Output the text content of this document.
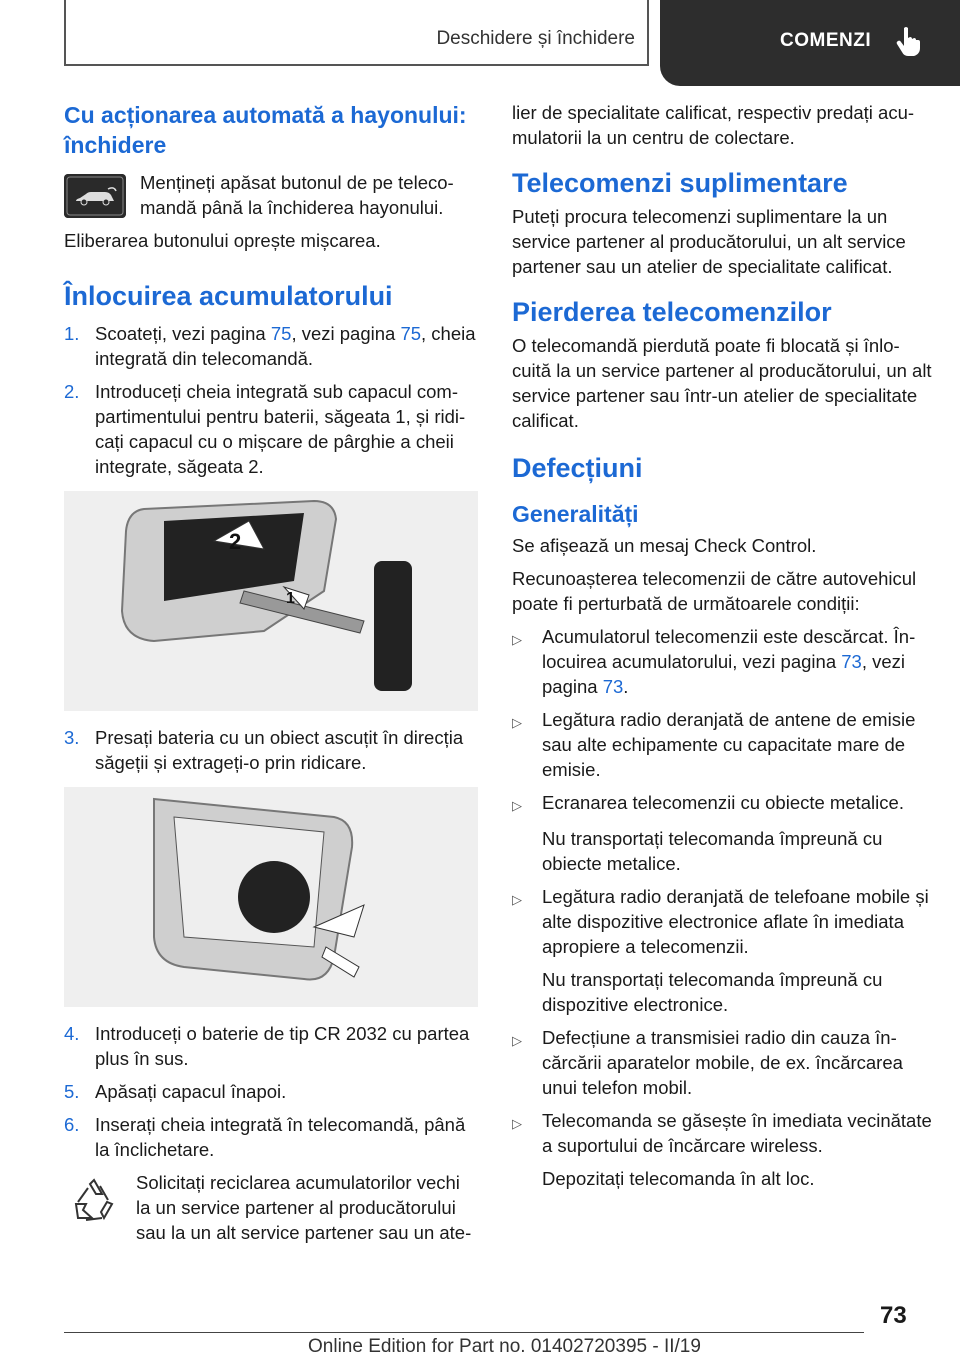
Deschidere și închidere	COMENZI
Cu acționarea automată a hayonului: închidere

Mențineți apăsat butonul de pe telecomandă până la închiderea hayonului.

Eliberarea butonului oprește mișcarea.

Înlocuirea acumulatorului
1. Scoateți, vezi pagina 75, vezi pagina 75, cheia integrată din telecomandă.
2. Introduceți cheia integrată sub capacul compartimentului pentru baterii, săgeata 1, și ridicați capacul cu o mișcare de pârghie a cheii integrate, săgeata 2.
2
1
3. Presați bateria cu un obiect ascuțit în direcția săgeții și extrageți-o prin ridicare.
4. Introduceți o baterie de tip CR 2032 cu partea plus în sus.
5. Apăsați capacul înapoi.
6. Inserați cheia integrată în telecomandă, până la înclichetare.

Solicitați reciclarea acumulatorilor vechi la un service partener al producătorului sau la un alt service partener sau un ate-

lier de specialitate calificat, respectiv predați acumulatorii la un centru de colectare.

Telecomenzi suplimentare

Puteți procura telecomenzi suplimentare la un service partener al producătorului, un alt service partener sau un atelier de specialitate calificat.

Pierderea telecomenzilor

O telecomandă pierdută poate fi blocată și înlocuită la un service partener al producătorului, un alt service partener sau într-un atelier de specialitate calificat.

Defecțiuni
Generalități

Se afișează un mesaj Check Control.

Recunoașterea telecomenzii de către autovehicul poate fi perturbată de următoarele condiții:

▷	Acumulatorul telecomenzii este descărcat. Înlocuirea acumulatorului, vezi pagina 73, vezi pagina 73.
▷	Legătura radio deranjată de antene de emisie sau alte echipamente cu capacitate mare de emisie.
▷	Ecranarea telecomenzii cu obiecte metalice.

Nu transportați telecomanda împreună cu obiecte metalice.

▷	Legătura radio deranjată de telefoane mobile și alte dispozitive electronice aflate în imediata apropiere a telecomenzii.

Nu transportați telecomanda împreună cu dispozitive electronice.

▷	Defecțiune a transmisiei radio din cauza încărcării aparatelor mobile, de ex. încărcarea unui telefon mobil.
▷	Telecomanda se găsește în imediata vecinătate a suportului de încărcare wireless.

Depozitați telecomanda în alt loc.

73
Online Edition for Part no. 01402720395 - II/19
